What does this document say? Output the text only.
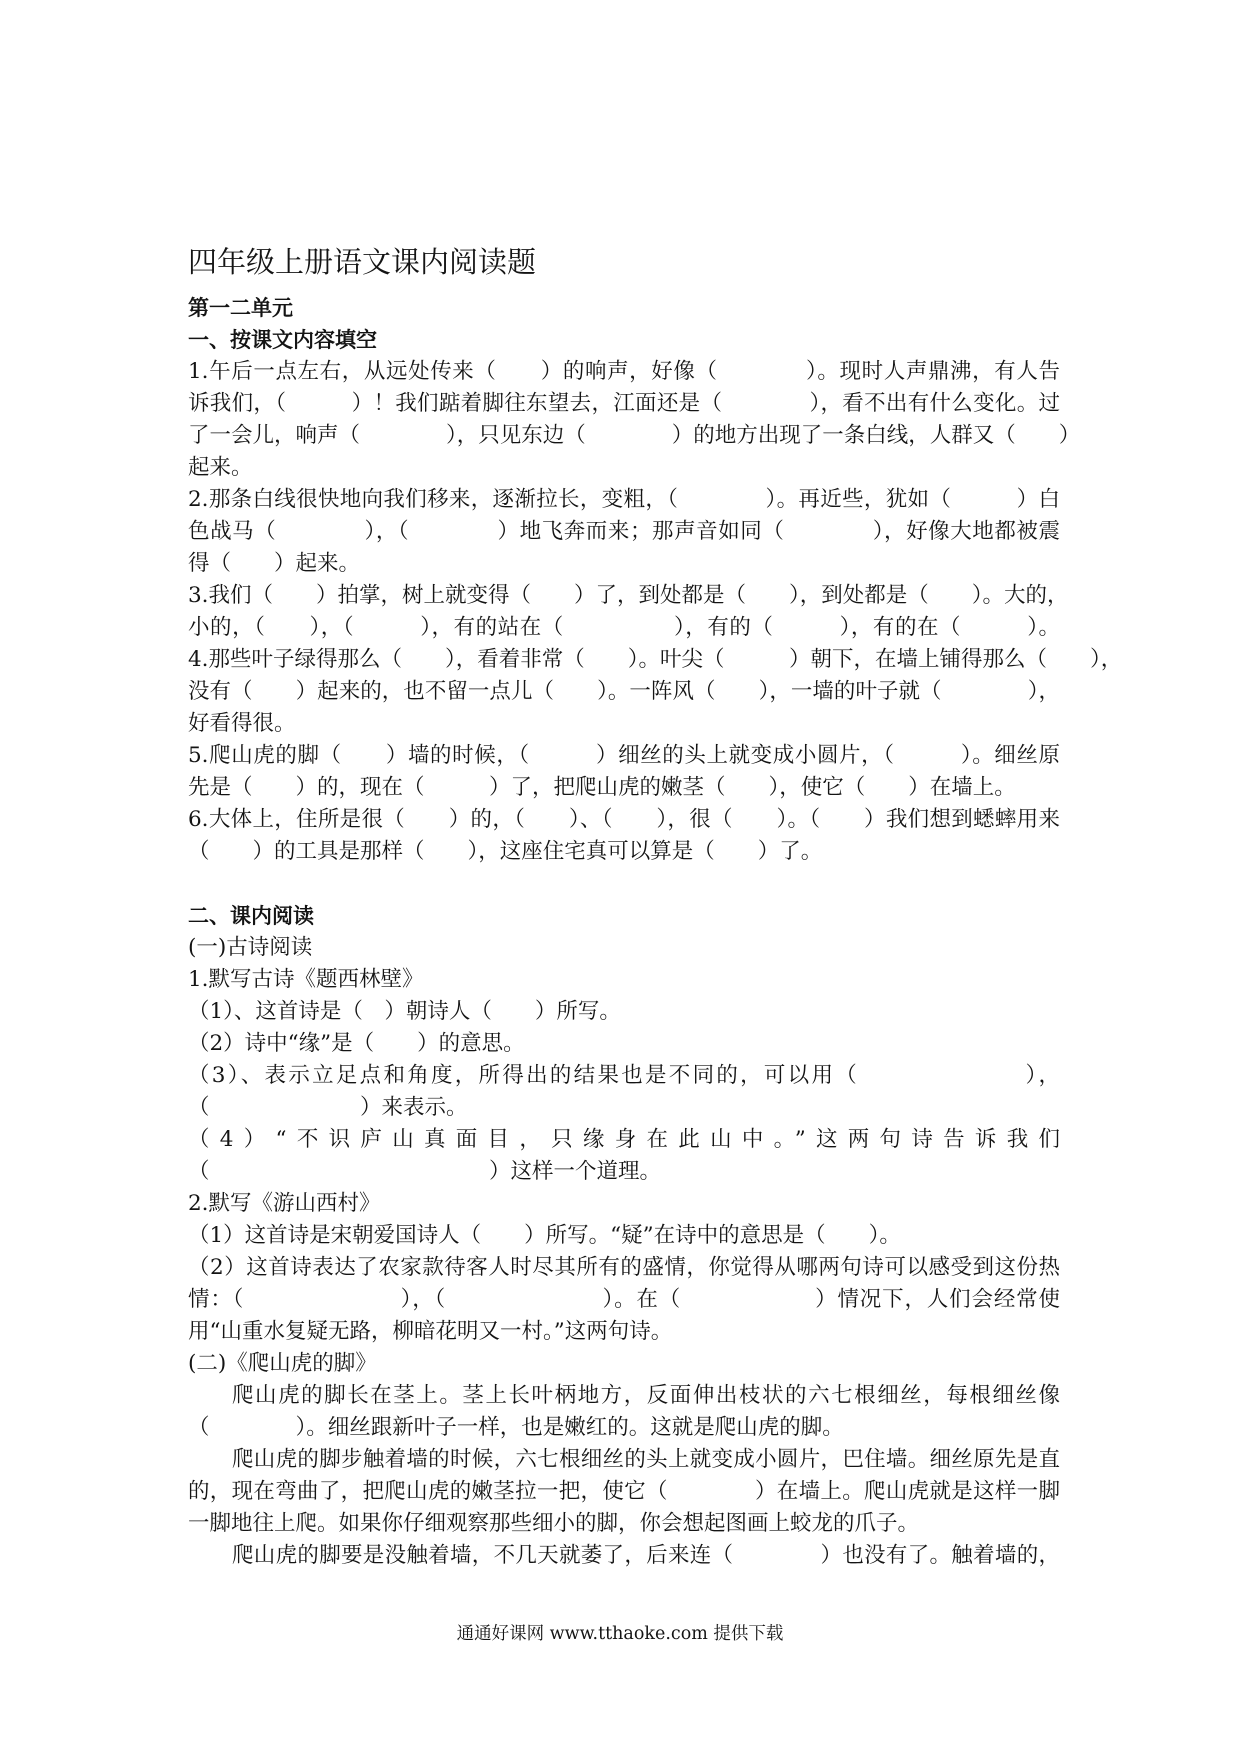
四年级上册语文课内阅读题
第一二单元
一、按课文内容填空
1.午后一点左右，从远处传来（　　）的响声，好像（　　　　）。现时人声鼎沸，有人告
诉我们，（　　　）！我们踮着脚往东望去，江面还是（　　　　），看不出有什么变化。过
了一会儿，响声（　　　　），只见东边（　　　　）的地方出现了一条白线，人群又（　　）
起来。
2.那条白线很快地向我们移来，逐渐拉长，变粗，（　　　　）。再近些，犹如（　　　）白
色战马（　　　　），（　　　　）地飞奔而来；那声音如同（　　　　），好像大地都被震
得（　　）起来。
3.我们（　　）拍掌，树上就变得（　　）了，到处都是（　　），到处都是（　　）。大的，
小的，（　　），（　　　），有的站在（　　　　　），有的（　　　），有的在（　　　）。
4.那些叶子绿得那么（　　），看着非常（　　）。叶尖（　　　）朝下，在墙上铺得那么（　　），
没有（　　）起来的，也不留一点儿（　　）。一阵风（　　），一墙的叶子就（　　　　），
好看得很。
5.爬山虎的脚（　　）墙的时候，（　　　）细丝的头上就变成小圆片，（　　　）。细丝原
先是（　　）的，现在（　　　）了，把爬山虎的嫩茎（　　），使它（　　）在墙上。
6.大体上，住所是很（　　）的，（　　）、（　　），很（　　）。（　　）我们想到蟋蟀用来
（　　）的工具是那样（　　），这座住宅真可以算是（　　）了。
二、课内阅读
(一)古诗阅读
1.默写古诗《题西林壁》
（1）、这首诗是（　）朝诗人（　　）所写。
（2）诗中“缘”是（　　）的意思。
（3）、表示立足点和角度，所得出的结果也是不同的，可以用（　　　　　　　），
（　　　　　　　）来表示。
（4）“不识庐山真面目，只缘身在此山中。”这两句诗告诉我们
（　　　　　　　　　　　　　）这样一个道理。
2.默写《游山西村》
（1）这首诗是宋朝爱国诗人（　　）所写。“疑”在诗中的意思是（　　）。
（2）这首诗表达了农家款待客人时尽其所有的盛情，你觉得从哪两句诗可以感受到这份热
情：（　　　　　　　），（　　　　　　　）。在（　　　　　　）情况下，人们会经常使
用“山重水复疑无路，柳暗花明又一村。”这两句诗。
(二)《爬山虎的脚》
爬山虎的脚长在茎上。茎上长叶柄地方，反面伸出枝状的六七根细丝，每根细丝像
（　　　　）。细丝跟新叶子一样，也是嫩红的。这就是爬山虎的脚。
爬山虎的脚步触着墙的时候，六七根细丝的头上就变成小圆片，巴住墙。细丝原先是直
的，现在弯曲了，把爬山虎的嫩茎拉一把，使它（　　　　）在墙上。爬山虎就是这样一脚
一脚地往上爬。如果你仔细观察那些细小的脚，你会想起图画上蛟龙的爪子。
爬山虎的脚要是没触着墙，不几天就萎了，后来连（　　　　）也没有了。触着墙的，
通通好课网 www.tthaoke.com 提供下载
